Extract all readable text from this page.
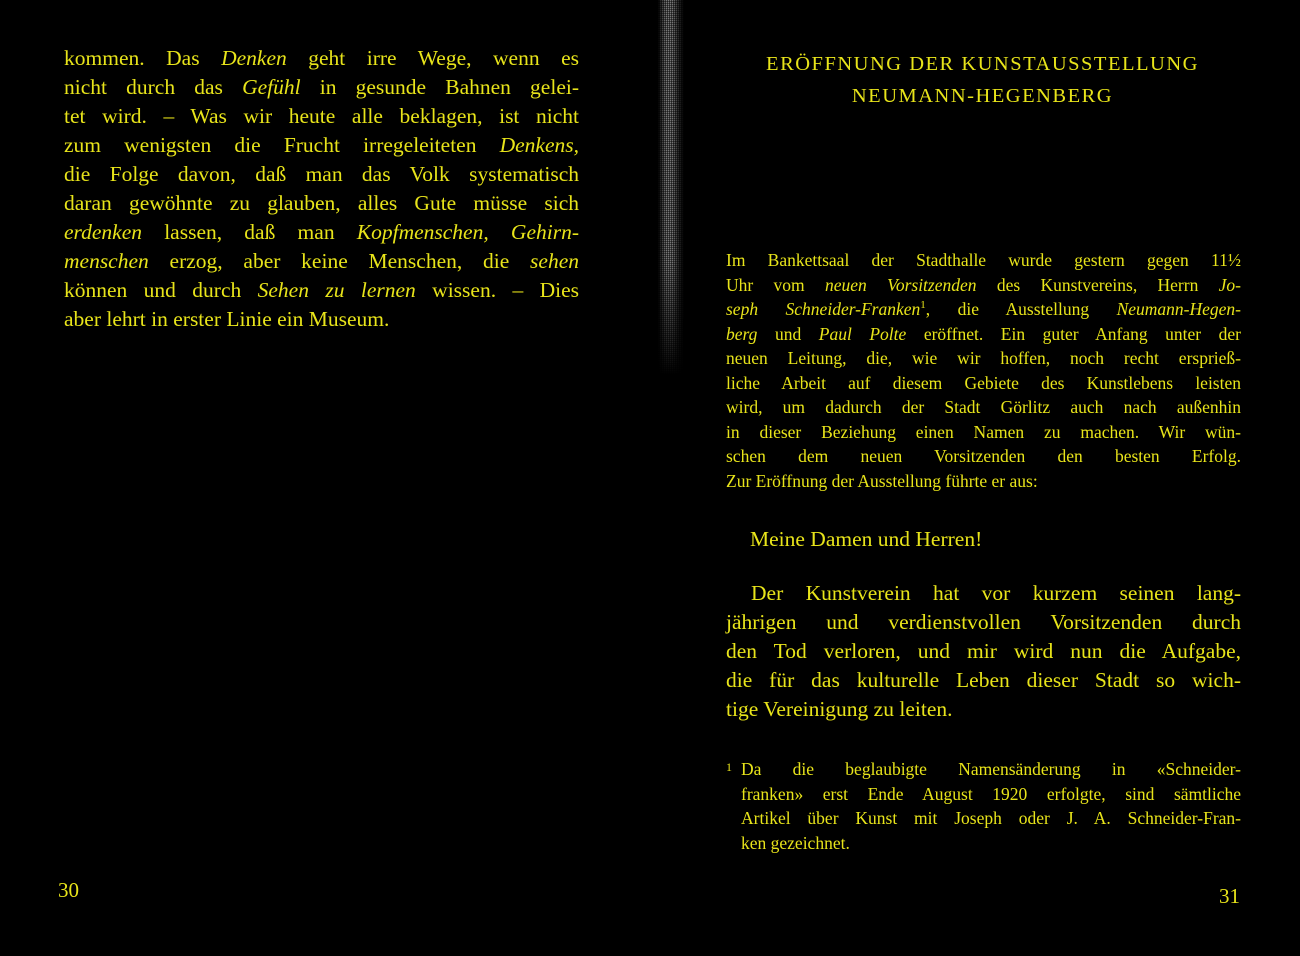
kommen. Das Denken geht irre Wege, wenn es
nicht durch das Gefühl in gesunde Bahnen gelei-
tet wird. – Was wir heute alle beklagen, ist nicht
zum wenigsten die Frucht irregeleiteten Denkens,
die Folge davon, daß man das Volk systematisch
daran gewöhnte zu glauben, alles Gute müsse sich
erdenken lassen, daß man Kopfmenschen, Gehirn-
menschen erzog, aber keine Menschen, die sehen
können und durch Sehen zu lernen wissen. – Dies
aber lehrt in erster Linie ein Museum.
30
ERÖFFNUNG DER KUNSTAUSSTELLUNG
NEUMANN-HEGENBERG
Im Bankettsaal der Stadthalle wurde gestern gegen 11½
Uhr vom neuen Vorsitzenden des Kunstvereins, Herrn Jo-
seph Schneider-Franken$^1$, die Ausstellung Neumann-Hegen-
berg und Paul Polte eröffnet. Ein guter Anfang unter der
neuen Leitung, die, wie wir hoffen, noch recht ersprieß-
liche Arbeit auf diesem Gebiete des Kunstlebens leisten
wird, um dadurch der Stadt Görlitz auch nach außenhin
in dieser Beziehung einen Namen zu machen. Wir wün-
schen dem neuen Vorsitzenden den besten Erfolg.
Zur Eröffnung der Ausstellung führte er aus:
Meine Damen und Herren!
Der Kunstverein hat vor kurzem seinen lang-
jährigen und verdienstvollen Vorsitzenden durch
den Tod verloren, und mir wird nun die Aufgabe,
die für das kulturelle Leben dieser Stadt so wich-
tige Vereinigung zu leiten.
1 Da die beglaubigte Namensänderung in «Schneider-
franken» erst Ende August 1920 erfolgte, sind sämtliche
Artikel über Kunst mit Joseph oder J. A. Schneider-Fran-
ken gezeichnet.
31
